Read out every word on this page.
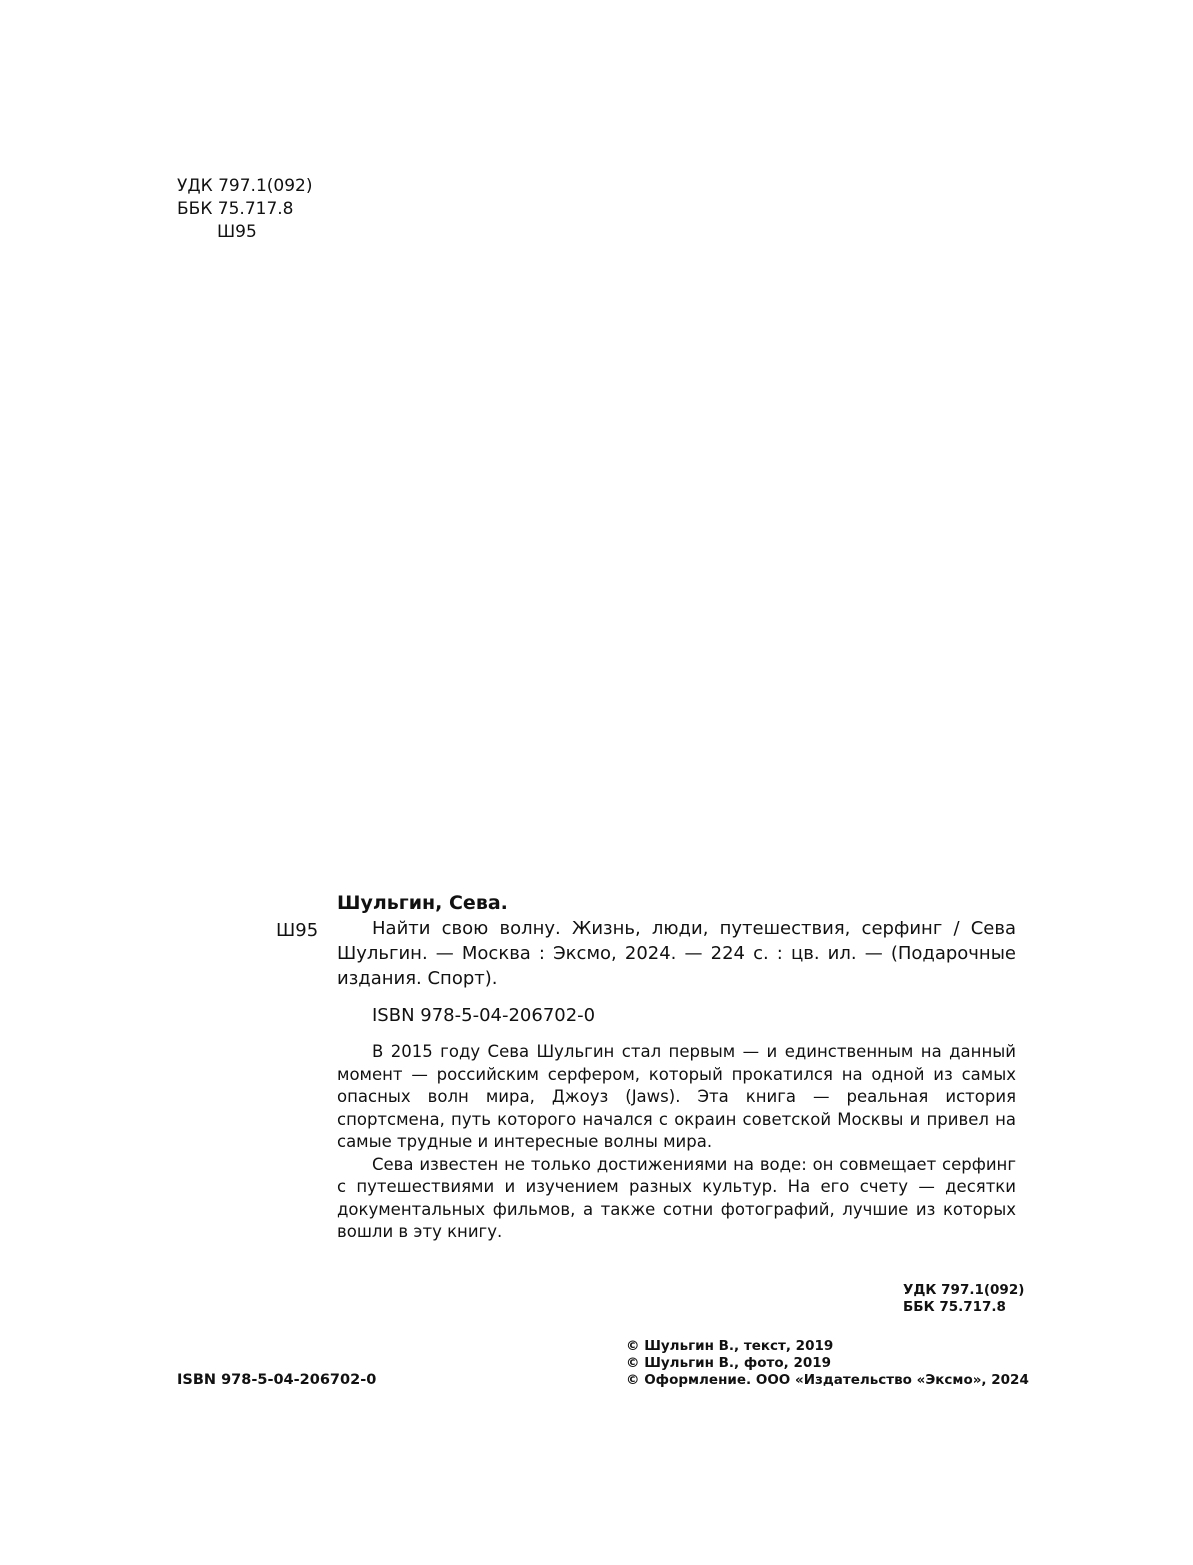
УДК 797.1(092)
ББК 75.717.8
Ш95
Шульгин, Сева.
Ш95	Найти свою волну. Жизнь, люди, путешествия, серфинг / Сева Шульгин. — Москва : Эксмо, 2024. — 224 с. : цв. ил. — (Подарочные издания. Спорт).
ISBN 978-5-04-206702-0

В 2015 году Сева Шульгин стал первым — и единственным на данный момент — российским серфером, который прокатился на одной из самых опасных волн мира, Джоуз (Jaws). Эта книга — реальная история спортсмена, путь которого начался с окраин советской Москвы и привел на самые трудные и интересные волны мира.

Сева известен не только достижениями на воде: он совмещает серфинг с путешествиями и изучением разных культур. На его счету — десятки документальных фильмов, а также сотни фотографий, лучшие из которых вошли в эту книгу.

УДК 797.1(092)
ББК 75.717.8
ISBN 978-5-04-206702-0
© Шульгин В., текст, 2019
© Шульгин В., фото, 2019
© Оформление. ООО «Издательство «Эксмо», 2024
